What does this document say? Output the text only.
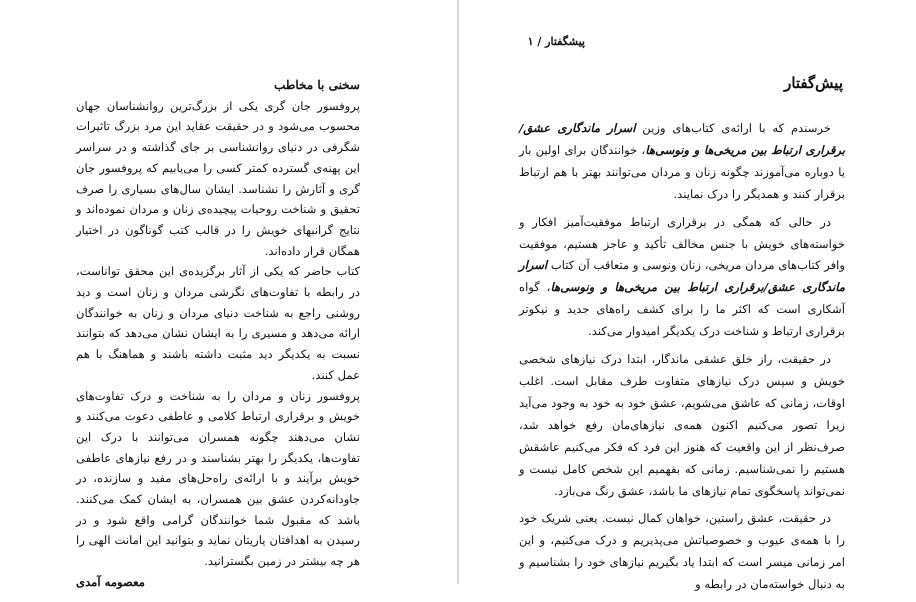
سخنی با مخاطب

پروفسور جان گری یکی از بزرگ‌ترین روانشناسان جهان محسوب می‌شود و در حقیقت عقاید این مرد بزرگ تاثیرات شگرفی در دنیای روانشناسی بر جای گذاشته و در سراسر این پهنه‌ی گسترده کمتر کسی را می‌یابیم که پروفسور جان گری و آثارش را نشناسد. ایشان سال‌های بسیاری را صرف تحقیق و شناخت روحیات پیچیده‌ی زنان و مردان نموده‌اند و نتایج گرانبهای خویش را در قالب کتب گوناگون در اختیار همگان قرار داده‌اند.

کتاب حاضر که یکی از آثار برگزیده‌ی این محقق توانا‌ست، در رابطه با تفاوت‌های نگرشی مردان و زنان است و دید روشنی راجع به شناخت دنیای مردان و زنان به خوانندگان ارائه می‌دهد و مسیری را به ایشان نشان می‌دهد که بتوانند نسبت به یکدیگر دید مثبت داشته باشند و هماهنگ با هم عمل کنند.

پروفسور زنان و مردان را به شناخت و درک تفاوت‌های خویش و برقراری ارتباط کلامی و عاطفی دعوت می‌کنند و نشان می‌دهند چگونه همسران می‌توانند با درک این تفاوت‌ها، یکدیگر را بهتر بشناسند و در رفع نیازهای عاطفی خویش برآیند و با ارائه‌ی راه‌حل‌های مفید و سازنده، در جاودانه‌کردن عشق بین همسران، به ایشان کمک می‌کنند. باشد که مقبول شما خوانندگان گرامی واقع شود و در رسیدن به اهدافتان یاریتان نماید و بتوانید این امانت الهی را هر چه بیشتر در زمین بگسترانید.

معصومه آمدی
پیشگفتار / ۱
پیش‌گفتار

خرسندم که با ارائه‌ی کتاب‌های وزین اسرار ماندگاری عشق/برقراری ارتباط بین مریخی‌ها و ونوسی‌ها، خوانندگان برای اولین بار یا دوباره می‌آموزند چگونه زنان و مردان می‌توانند بهتر با هم ارتباط برقرار کنند و همدیگر را درک نمایند.

در حالی که همگی در برقراری ارتباط موفقیت‌آمیز افکار و خواسته‌های خویش با جنس مخالف تأکید و عاجز هستیم، موفقیت وافر کتاب‌های مردان مریخی، زنان ونوسی و متعاقب آن کتاب اسرار ماندگاری عشق/برقراری ارتباط بین مریخی‌ها و ونوسی‌ها، گواه آشکاری است که اکثر ما را برای کشف راه‌های جدید و نیکوتر برقراری ارتباط و شناخت درک یکدیگر امیدوار می‌کند.

در حقیقت، راز خلق عشقی ماندگار، ابتدا درک نیازهای شخصی خویش و سپس درک نیازهای متفاوت طرف مقابل است. اغلب اوقات، زمانی که عاشق می‌شویم، عشق خود به خود به وجود می‌آید زیرا تصور می‌کنیم اکنون همه‌ی نیازهای‌مان رفع خواهد شد، صرف‌نظر از این واقعیت که هنوز این فرد که فکر می‌کنیم عاشقش هستیم را نمی‌شناسیم. زمانی که بفهمیم این شخص کامل نیست و نمی‌تواند پاسخگوی تمام نیازهای ما باشد، عشق رنگ می‌بازد.

در حقیقت، عشق راستین، خواهان کمال نیست. یعنی شریک خود را با همه‌ی عیوب و خصوصیاتش می‌پذیریم و درک می‌کنیم، و این امر زمانی میسر است که ابتدا یاد بگیریم نیازهای خود را بشناسیم و به دنبال خواسته‌مان در رابطه و
